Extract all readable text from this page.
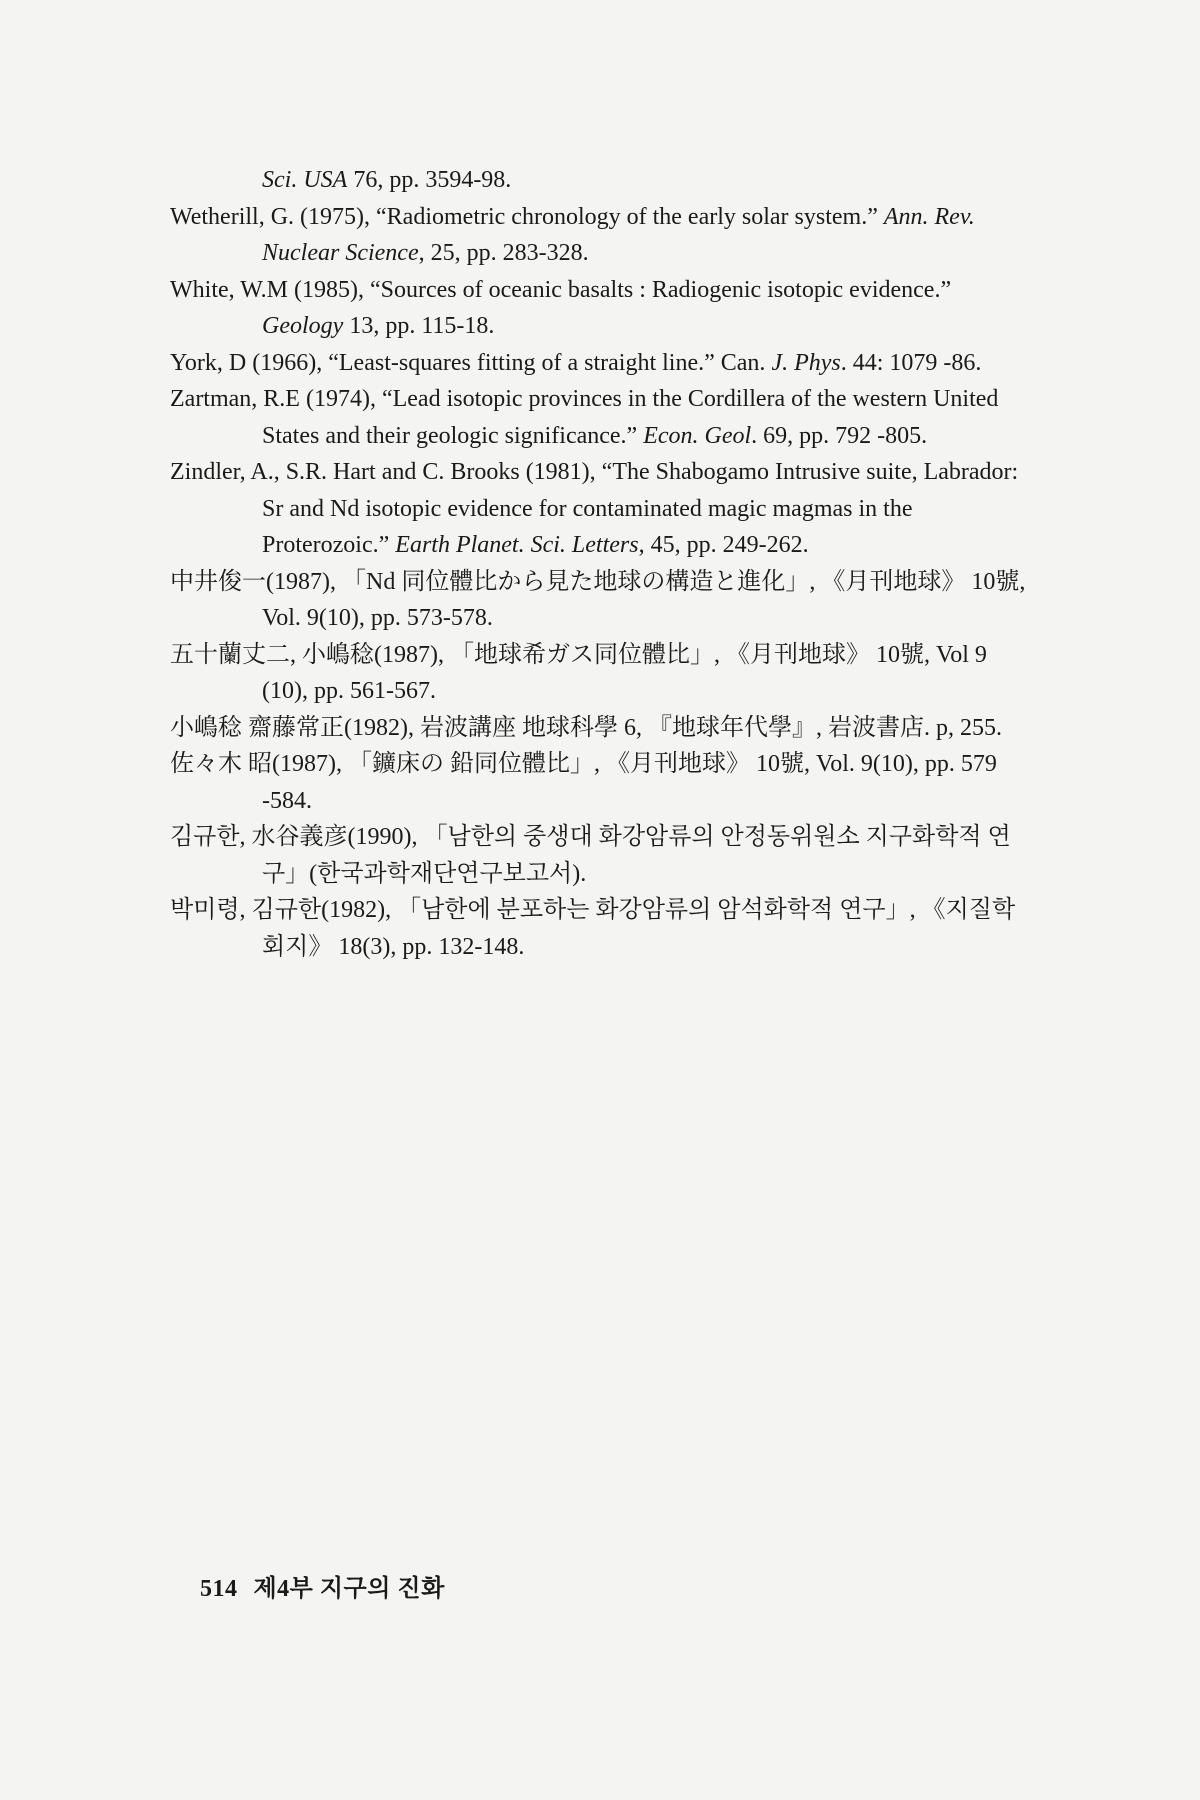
Sci. USA 76, pp. 3594-98.
Wetherill, G. (1975), “Radiometric chronology of the early solar system.” Ann. Rev. Nuclear Science, 25, pp. 283-328.
White, W.M (1985), “Sources of oceanic basalts : Radiogenic isotopic evidence.” Geology 13, pp. 115-18.
York, D (1966), “Least-squares fitting of a straight line.” Can. J. Phys. 44: 1079 -86.
Zartman, R.E (1974), “Lead isotopic provinces in the Cordillera of the western United States and their geologic significance.” Econ. Geol. 69, pp. 792 -805.
Zindler, A., S.R. Hart and C. Brooks (1981), “The Shabogamo Intrusive suite, Labrador: Sr and Nd isotopic evidence for contaminated magic magmas in the Proterozoic.” Earth Planet. Sci. Letters, 45, pp. 249-262.
中井俊一(1987), 「Nd 同位體比から見た地球の構造と進化」, 《月刊地球》 10號, Vol. 9(10), pp. 573-578.
五十蘭丈二, 小嶋稔(1987), 「地球希ガス同位體比」, 《月刊地球》 10號, Vol 9 (10), pp. 561-567.
小嶋稔 齋藤常正(1982), 岩波講座 地球科學 6, 『地球年代學』, 岩波書店. p, 255.
佐々木 昭(1987), 「鑛床の 鉛同位體比」, 《月刊地球》 10號, Vol. 9(10), pp. 579 -584.
김규한, 水谷義彦(1990), 「남한의 중생대 화강암류의 안정동위원소 지구화학적 연구」(한국과학재단연구보고서).
박미령, 김규한(1982), 「남한에 분포하는 화강암류의 암석화학적 연구」, 《지질학회지》 18(3), pp. 132-148.
514 제4부 지구의 진화
